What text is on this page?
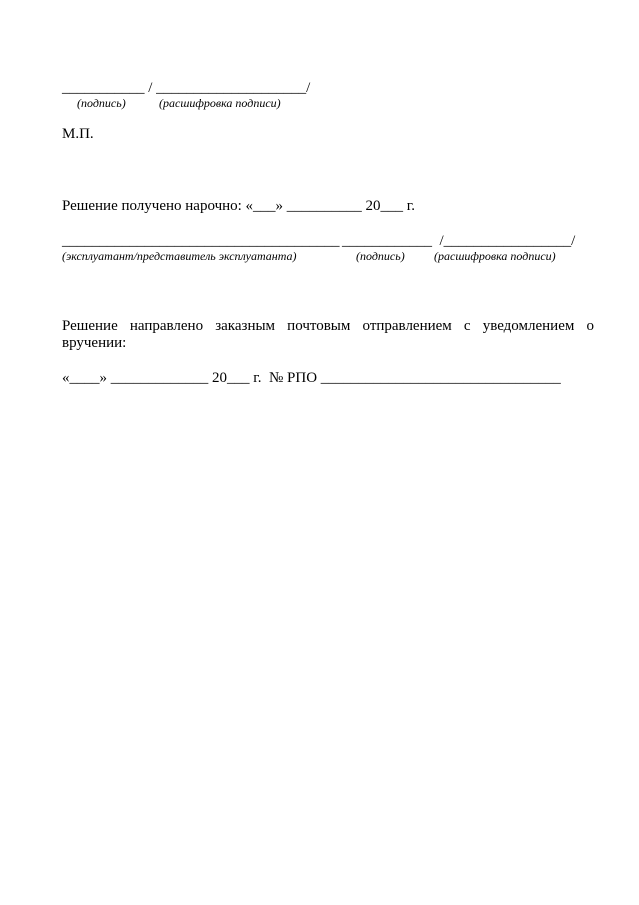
___________ / ____________________/
(подпись)	(расшифровка подписи)
М.П.
Решение получено нарочно: «___» __________ 20___ г.
_____________________________________ ____________  /_________________/
(эксплуатант/представитель эксплуатанта)	(подпись) (расшифровка подписи)
Решение направлено заказным почтовым отправлением с уведомлением о вручении:
«____» _____________ 20___ г.  № РПО ________________________________
